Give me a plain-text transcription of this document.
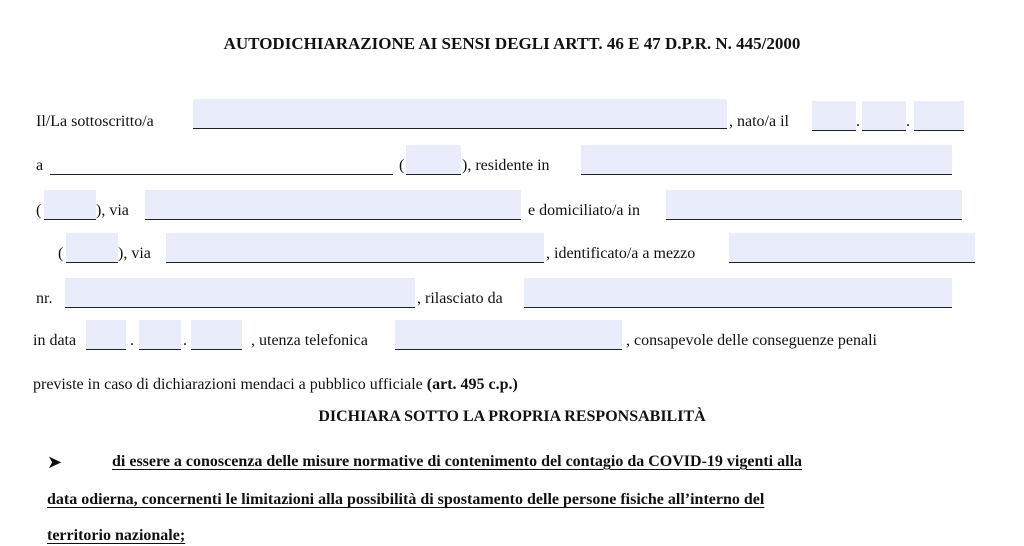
AUTODICHIARAZIONE AI SENSI DEGLI ARTT. 46 E 47 D.P.R. N. 445/2000
Il/La sottoscritto/a	, nato/a il	.	.
a	(	), residente in
(	), via	e domiciliato/a in
(	), via	, identificato/a a mezzo
nr.	, rilasciato da
in data	.	.	, utenza telefonica	, consapevole delle conseguenze penali
previste in caso di dichiarazioni mendaci a pubblico ufficiale (art. 495 c.p.)
DICHIARA SOTTO LA PROPRIA RESPONSABILITÀ
➤	di essere a conoscenza delle misure normative di contenimento del contagio da COVID-19 vigenti alla
data odierna, concernenti le limitazioni alla possibilità di spostamento delle persone fisiche all’interno del
territorio nazionale;
